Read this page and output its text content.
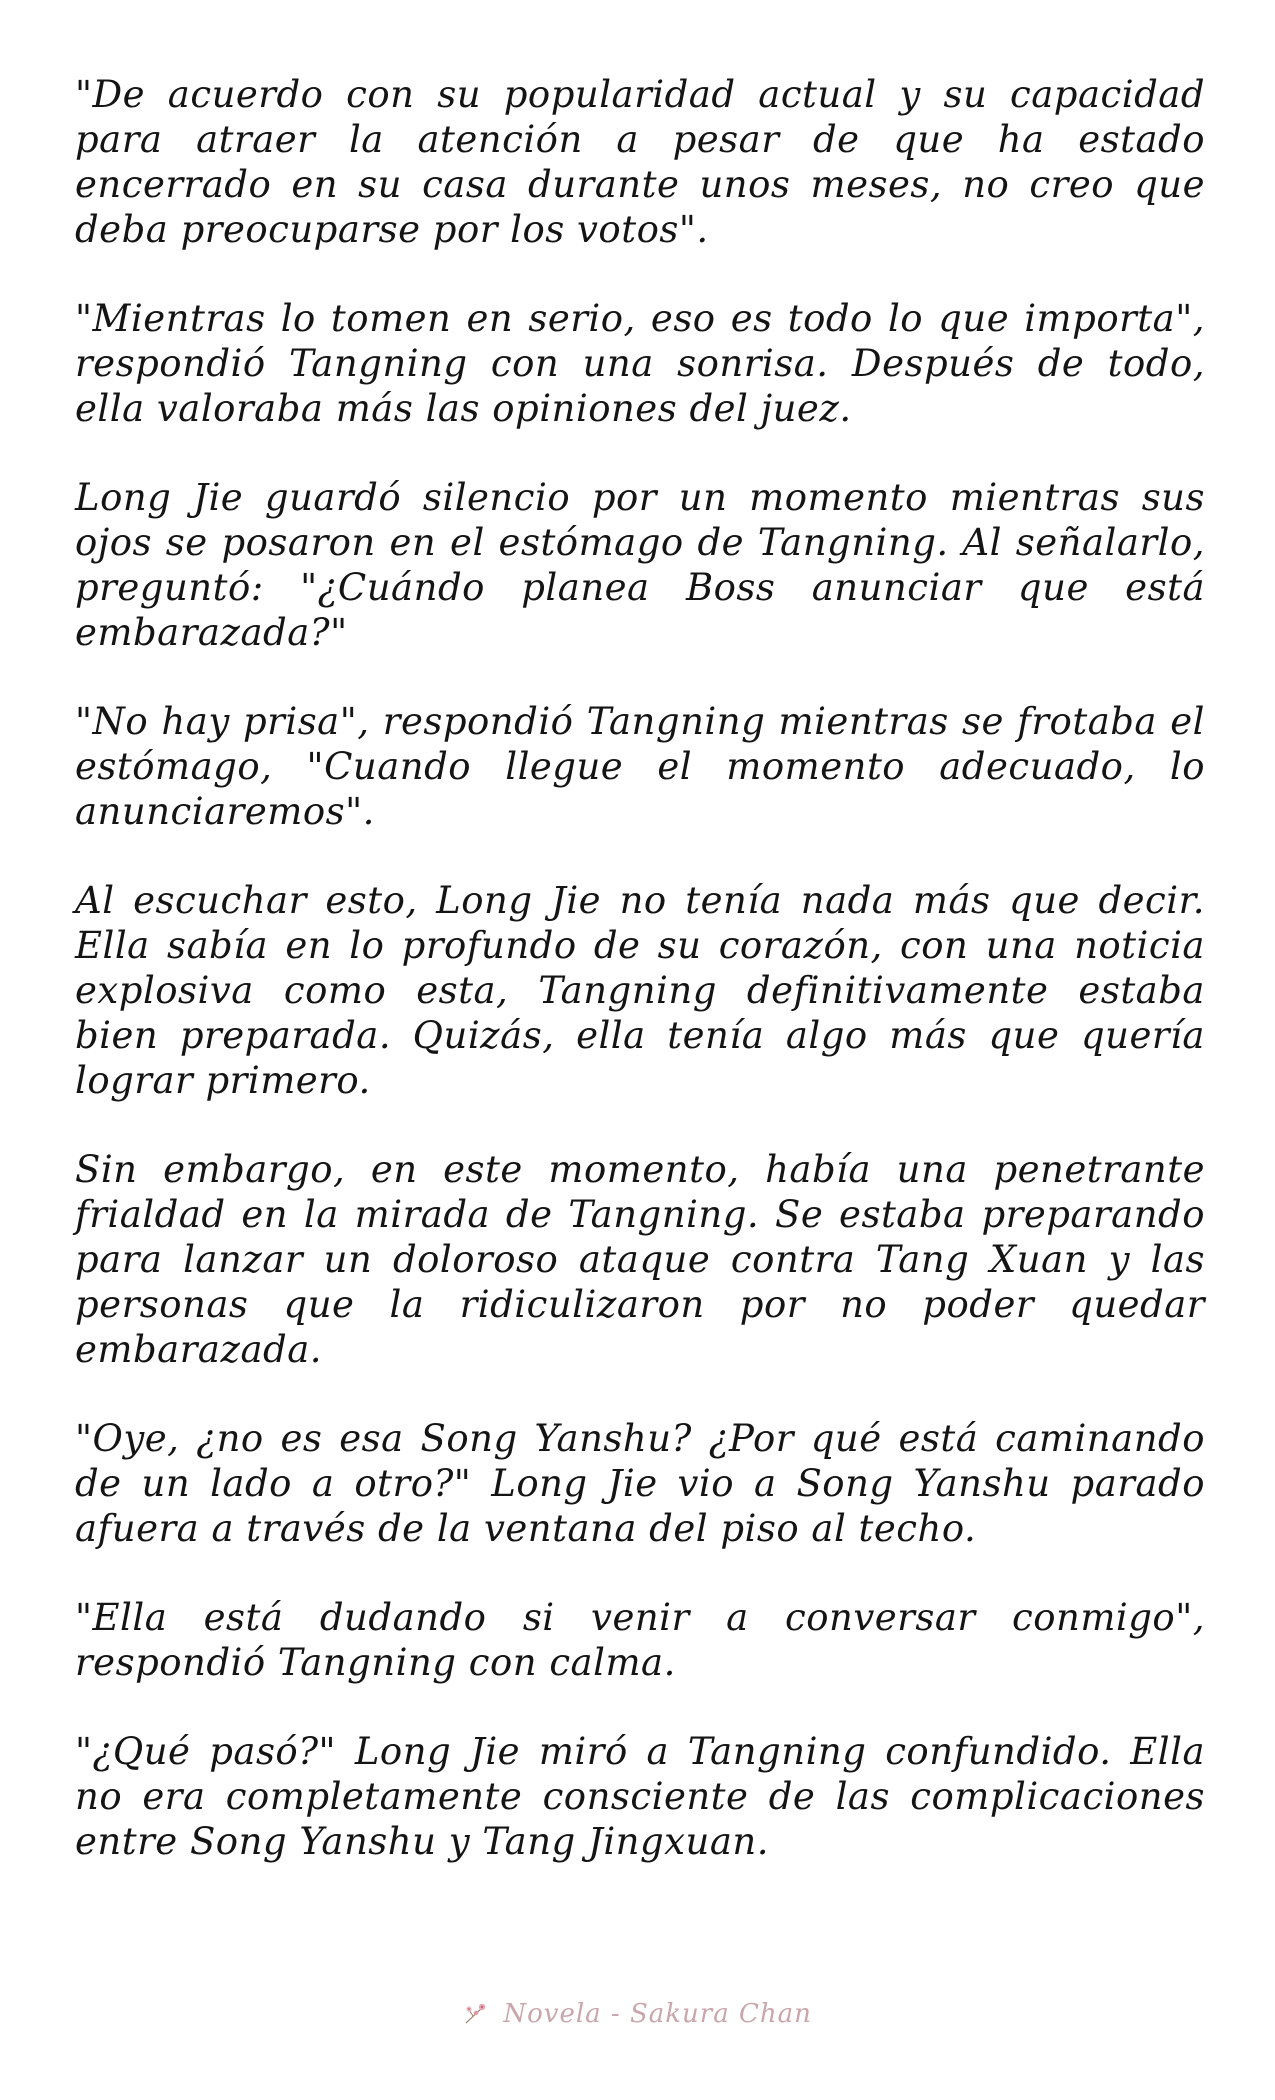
"De acuerdo con su popularidad actual y su capacidad para atraer la atención a pesar de que ha estado encerrado en su casa durante unos meses, no creo que deba preocuparse por los votos".

"Mientras lo tomen en serio, eso es todo lo que importa", respondió Tangning con una sonrisa. Después de todo, ella valoraba más las opiniones del juez.

Long Jie guardó silencio por un momento mientras sus ojos se posaron en el estómago de Tangning. Al señalarlo, preguntó: "¿Cuándo planea Boss anunciar que está embarazada?"

"No hay prisa", respondió Tangning mientras se frotaba el estómago, "Cuando llegue el momento adecuado, lo anunciaremos".

Al escuchar esto, Long Jie no tenía nada más que decir. Ella sabía en lo profundo de su corazón, con una noticia explosiva como esta, Tangning definitivamente estaba bien preparada. Quizás, ella tenía algo más que quería lograr primero.

Sin embargo, en este momento, había una penetrante frialdad en la mirada de Tangning. Se estaba preparando para lanzar un doloroso ataque contra Tang Xuan y las personas que la ridiculizaron por no poder quedar embarazada.

"Oye, ¿no es esa Song Yanshu? ¿Por qué está caminando de un lado a otro?" Long Jie vio a Song Yanshu parado afuera a través de la ventana del piso al techo.

"Ella está dudando si venir a conversar conmigo", respondió Tangning con calma.

"¿Qué pasó?" Long Jie miró a Tangning confundido. Ella no era completamente consciente de las complicaciones entre Song Yanshu y Tang Jingxuan.

Novela - Sakura Chan
